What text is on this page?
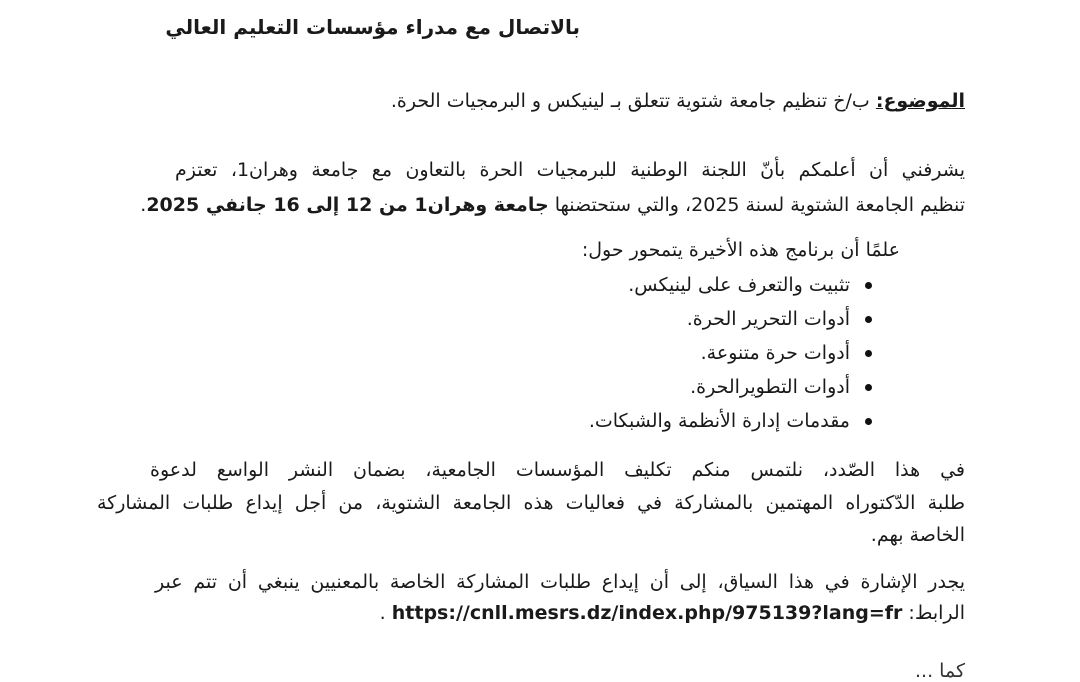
بالاتصال مع مدراء مؤسسات التعليم العالي
الموضوع: ب/خ تنظيم جامعة شتوية تتعلق بـ لينيكس و البرمجيات الحرة.
يشرفني أن أعلمكم بأنّ اللجنة الوطنية للبرمجيات الحرة بالتعاون مع جامعة وهران1، تعتزم
تنظيم الجامعة الشتوية لسنة 2025، والتي ستحتضنها جامعة وهران1 من 12 إلى 16 جانفي 2025.
علمًا أن برنامج هذه الأخيرة يتمحور حول:
تثبيت والتعرف على لينيكس.
أدوات التحرير الحرة.
أدوات حرة متنوعة.
أدوات التطويرالحرة.
مقدمات إدارة الأنظمة والشبكات.
في هذا الصّدد، نلتمس منكم تكليف المؤسسات الجامعية، بضمان النشر الواسع لدعوة
طلبة الدّكتوراه المهتمين بالمشاركة في فعاليات هذه الجامعة الشتوية، من أجل إيداع طلبات المشاركة
الخاصة بهم.
يجدر الإشارة في هذا السياق، إلى أن إيداع طلبات المشاركة الخاصة بالمعنيين ينبغي أن تتم عبر
الرابط: https://cnll.mesrs.dz/index.php/975139?lang=fr .
كما ...
